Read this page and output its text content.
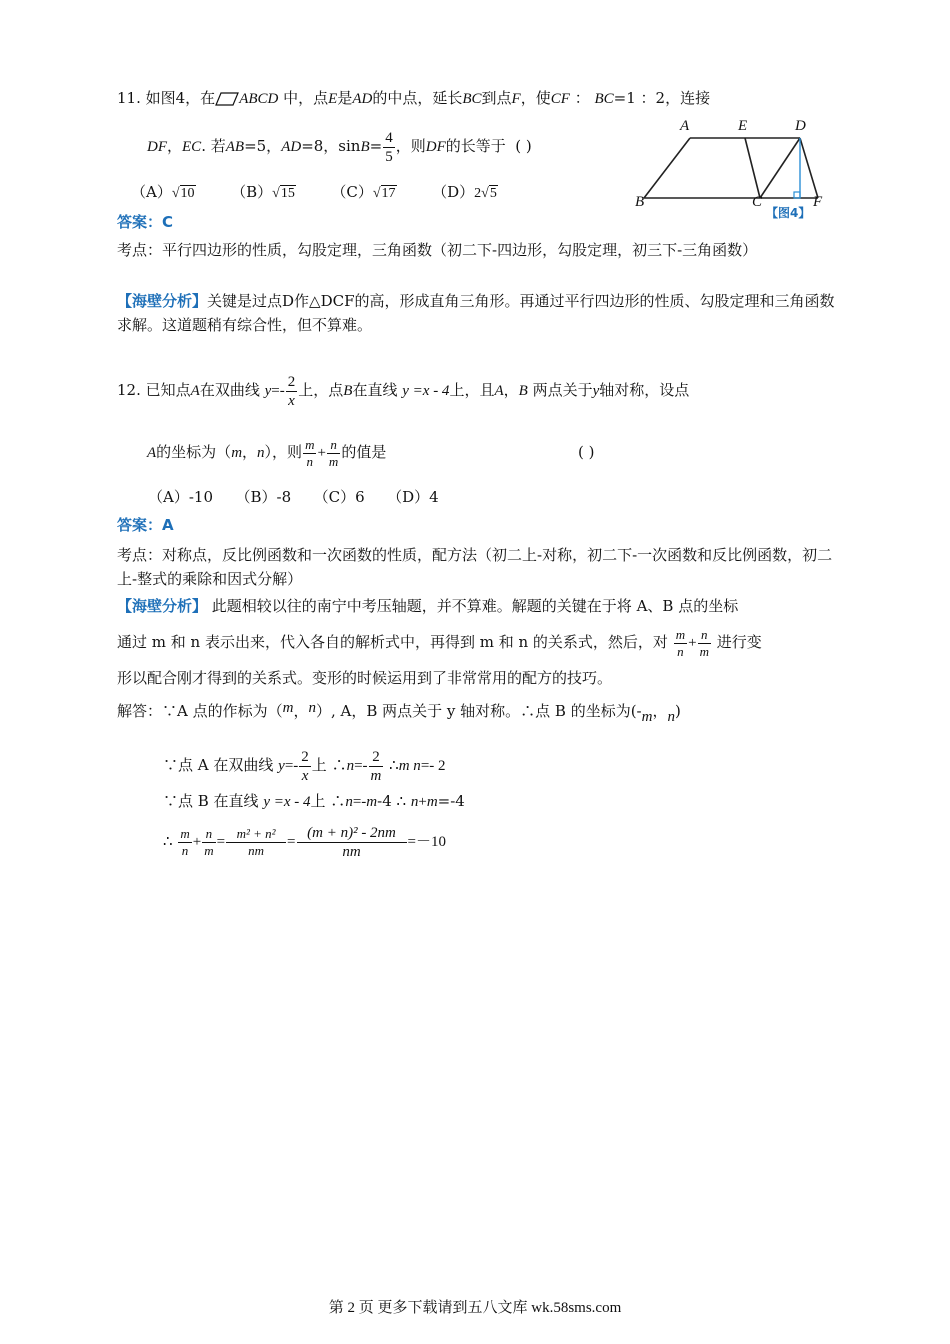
11. 如图4，在 ABCD 中，点E是AD的中点，延长BC到点F，使CF ： BC=1 ：2，连接
DF，EC. 若AB=5，AD=8，$\sin B= \frac{4}{5}$ ，则DF的长等于 ( )
（A）√10 （B）√15 （C）√17 （D）2√5
A	E	D
B	C	F
【图4】
答案：C
考点：平行四边形的性质，勾股定理，三角函数（初二下-四边形，勾股定理，初三下-三角函数）
【海壁分析】关键是过点D作△DCF的高，形成直角三角形。再通过平行四边形的性质、勾股定理和三角函数求解。这道题稍有综合性，但不算难。
12. 已知点A在双曲线 $y=- \frac{2}{x}$ 上，点B在直线 y =x - 4上，且A，B 两点关于y轴对称，设点
A的坐标为（m，n），则 $\frac{m}{n} + \frac{n}{m}$ 的值是	( )
（A）-10　　（B）-8　　（C）6　　（D）4
答案：A
考点：对称点，反比例函数和一次函数的性质，配方法（初二上-对称，初二下-一次函数和反比例函数，初二上-整式的乘除和因式分解）
【海壁分析】 此题相较以往的南宁中考压轴题，并不算难。解题的关键在于将 A、B 点的坐标
通过 m 和 n 表示出来，代入各自的解析式中，再得到 m 和 n 的关系式，然后，对 $\frac{m}{n} + \frac{n}{m}$ 进行变
形以配合刚才得到的关系式。变形的时候运用到了非常常用的配方的技巧。
解答：∵A 点的作标为（m，n）, A，B 两点关于 y 轴对称。∴点 B 的坐标为(-m，n)
∵点 A 在双曲线 $y=- \frac{2}{x}$ 上 ∴n=- $\frac{2}{m}$ ∴m n=- 2
∵点 B 在直线 y =x - 4上 ∴n=-m-4 ∴ n+m=-4
∴ $\frac{m}{n} + \frac{n}{m} = \frac{\text{m² + n²}}{nm} = \frac{\text{(m + n)² - 2nm}}{nm} =-10$
第 2 页 更多下载请到五八文库 wk.58sms.com
